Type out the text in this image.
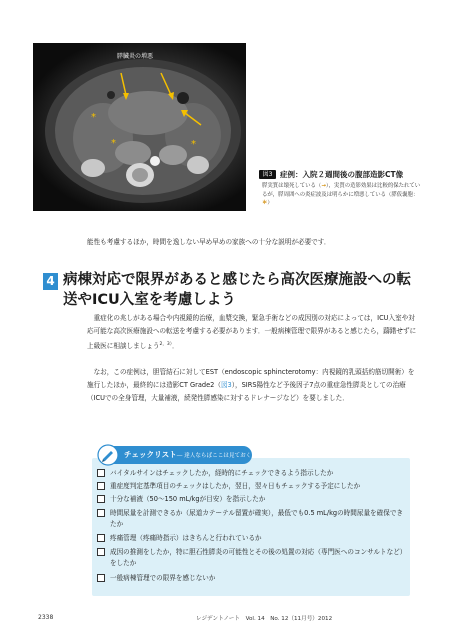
*
*	*
膵臓炎の増悪
図3	症例：入院２週間後の腹部造影CT像
膵実質は壊死している（→），実質の造影効果は比較的保たれているが，膵周囲への炎症波及は明らかに増悪している（膵仮嚢胞：＊）
能性も考慮するほか，時間を逸しない早め早めの家族への十分な説明が必要です．
4 病棟対応で限界があると感じたら高次医療施設への転送やICU入室を考慮しよう
　重症化の兆しがある場合や内視鏡的治療，血漿交換，緊急手術などの成因別の対応によっては，ICU入室や対応可能な高次医療施設への転送を考慮する必要があります．一般病棟管理で限界があると感じたら，躊躇せずに上級医に相談しましょう$^{2,3)}$．
　なお，この症例は，胆管結石に対してEST（endoscopic sphincterotomy：内視鏡的乳頭括約筋切開術）を施行したほか，最終的には造影CT Grade2（図3），SIRS陽性など予後因子7点の重症急性膵炎としての治療（ICUでの全身管理，大量補液，続発性膵感染に対するドレナージなど）を要しました．
チェックリスト― 達人ならばここは見ておく
バイタルサインはチェックしたか，経時的にチェックできるよう指示したか
重症度判定基準項目のチェックはしたか，翌日，翌々日もチェックする予定にしたか
十分な補液（50～150 mL/kgが目安）を指示したか
時間尿量を計測できるか（尿道カテーテル留置が確実），最低でも0.5 mL/kgの時間尿量を確保できたか
疼痛管理（疼痛時指示）はきちんと行われているか
成因の推測をしたか，特に胆石性膵炎の可能性とその後の処置の対応（専門医へのコンサルトなど）をしたか
一般病棟管理での限界を感じないか
2338	レジデントノート　Vol. 14　No. 12（11月号）2012
